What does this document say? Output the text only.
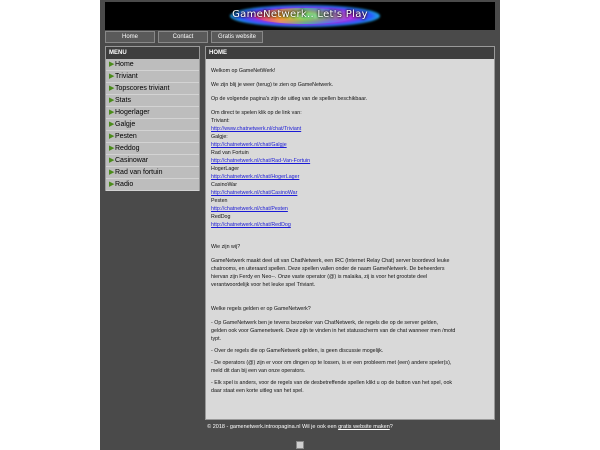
GameNetwerk.. Let's Play
Home	Contact	Gratis website
MENU
▶ Home
▶ Triviant
▶ Topscores triviant
▶ Stats
▶ Hogerlager
▶ Galgje
▶ Pesten
▶ Reddog
▶ Casinowar
▶ Rad van fortuin
▶ Radio
HOME
Welkom op GameNetWerk!
We zijn blij je weer (terug) te zien op GameNetwerk.
Op de volgende pagina's zijn de uitleg van de spellen beschikbaar.
Om direct te spelen klik op de link van:
Triviant:
http://www.chatnetwerk.nl/chat/Triviant
Galgje:
http://chatnetwerk.nl/chat/Galgje
Rad van Fortuin
http://chatnetwerk.nl/chat/Rad-Van-Fortuin
HogerLager
http://chatnetwerk.nl/chat/HogerLager
CasinoWar
http://chatnetwerk.nl/chat/CasinoWar
Pesten
http://chatnetwerk.nl/chat/Pesten
RedDog
http://chatnetwerk.nl/chat/RedDog
Wie zijn wij?
GameNetwerk maakt deel uit van ChatNetwerk, een IRC (Internet Relay Chat) server boordevol leuke
chatrooms, en uiteraard spellen. Deze spellen vallen onder de naam GameNetwerk. De beheerders
hiervan zijn Ferdy en Neo--. Onze vaste operator (@) is malaika, zij is voor het grootste deel
verantwoordelijk voor het leuke spel Triviant.
Welke regels gelden er op GameNetwerk?
- Op GameNetwerk ben je tevens bezoeker van ChatNetwerk, de regels die op de server gelden,
gelden ook voor Gamenetwerk. Deze zijn te vinden in het statusscherm van de chat wanneer men /motd
typt.
- Over de regels die op GameNetwerk gelden, is geen discussie mogelijk.
- De operators (@) zijn er voor om dingen op te lossen, is er een probleem met (een) andere speler(s),
meld dit dan bij een van onze operators.
- Elk spel is anders, voor de regels van de desbetreffende spellen klikt u op de button van het spel, ook
daar staat een korte uitleg van het spel.
© 2018 - gamenetwerk.introopagina.nl Wil je ook een gratis website maken?
